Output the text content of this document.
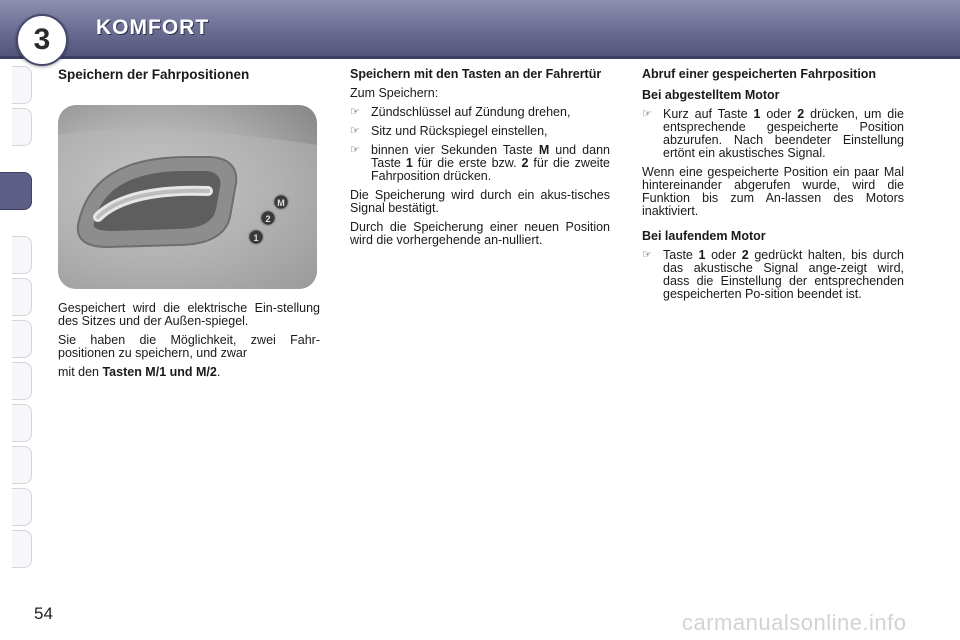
3	KOMFORT
Speichern der Fahrpositionen
M
2
1

Gespeichert wird die elektrische Ein-stellung des Sitzes und der Außen-spiegel.

Sie haben die Möglichkeit, zwei Fahr-positionen zu speichern, und zwar

mit den Tasten M/1 und M/2.

Speichern mit den Tasten an der Fahrertür

Zum Speichern:

☞ Zündschlüssel auf Zündung drehen,
☞ Sitz und Rückspiegel einstellen,
☞ binnen vier Sekunden Taste M und dann Taste 1 für die erste bzw. 2 für die zweite Fahrposition drücken.

Die Speicherung wird durch ein akus-tisches Signal bestätigt.

Durch die Speicherung einer neuen Position wird die vorhergehende an-nulliert.

Abruf einer gespeicherten Fahrposition
Bei abgestelltem Motor
☞ Kurz auf Taste 1 oder 2 drücken, um die entsprechende gespeicherte Position abzurufen. Nach beendeter Einstellung ertönt ein akustisches Signal.

Wenn eine gespeicherte Position ein paar Mal hintereinander abgerufen wurde, wird die Funktion bis zum An-lassen des Motors inaktiviert.

Bei laufendem Motor
☞ Taste 1 oder 2 gedrückt halten, bis durch das akustische Signal ange-zeigt wird, dass die Einstellung der entsprechenden gespeicherten Po-sition beendet ist.
54	carmanualsonline.info
